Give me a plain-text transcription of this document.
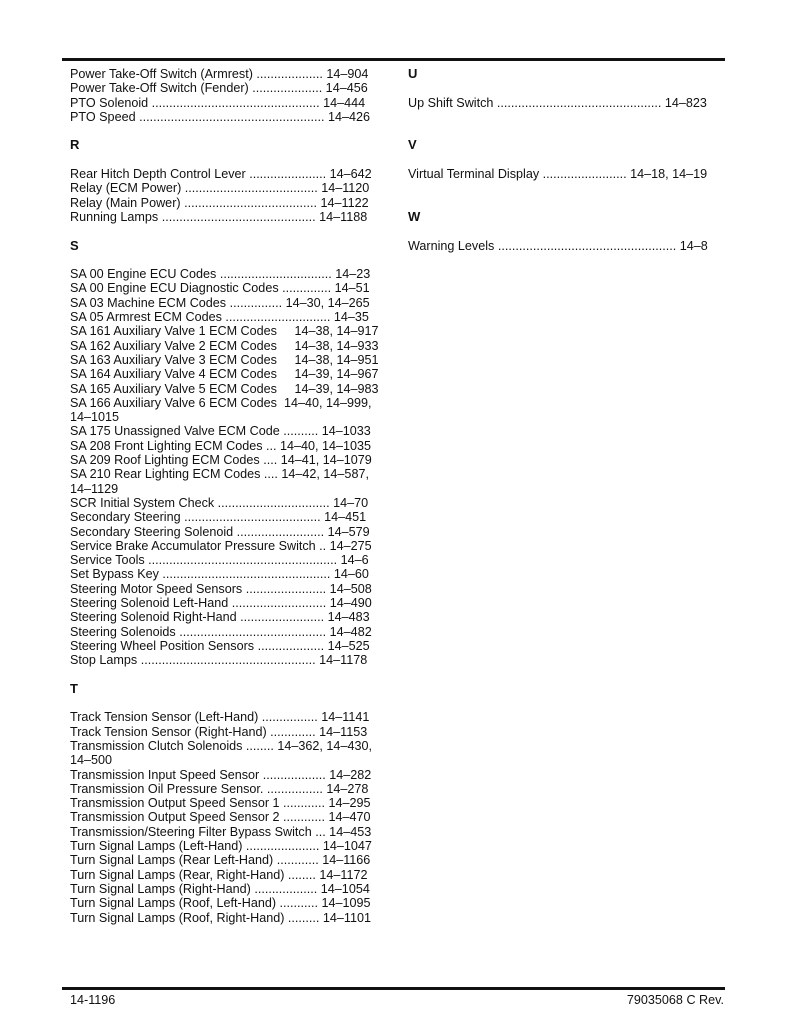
Power Take-Off Switch (Armrest) ................... 14–904
Power Take-Off Switch (Fender) .................... 14–456
PTO Solenoid ................................................ 14–444
PTO Speed ..................................................... 14–426

R

Rear Hitch Depth Control Lever ...................... 14–642
Relay (ECM Power) ...................................... 14–1120
Relay (Main Power) ...................................... 14–1122
Running Lamps ............................................ 14–1188

S

SA 00 Engine ECU Codes ................................ 14–23
SA 00 Engine ECU Diagnostic Codes .............. 14–51
SA 03 Machine ECM Codes ............... 14–30, 14–265
SA 05 Armrest ECM Codes .............................. 14–35
SA 161 Auxiliary Valve 1 ECM Codes     14–38, 14–917
SA 162 Auxiliary Valve 2 ECM Codes     14–38, 14–933
SA 163 Auxiliary Valve 3 ECM Codes     14–38, 14–951
SA 164 Auxiliary Valve 4 ECM Codes     14–39, 14–967
SA 165 Auxiliary Valve 5 ECM Codes     14–39, 14–983
SA 166 Auxiliary Valve 6 ECM Codes  14–40, 14–999,
14–1015
SA 175 Unassigned Valve ECM Code .......... 14–1033
SA 208 Front Lighting ECM Codes ... 14–40, 14–1035
SA 209 Roof Lighting ECM Codes .... 14–41, 14–1079
SA 210 Rear Lighting ECM Codes .... 14–42, 14–587,
14–1129
SCR Initial System Check ................................ 14–70
Secondary Steering ....................................... 14–451
Secondary Steering Solenoid ......................... 14–579
Service Brake Accumulator Pressure Switch .. 14–275
Service Tools ...................................................... 14–6
Set Bypass Key ................................................ 14–60
Steering Motor Speed Sensors ....................... 14–508
Steering Solenoid Left-Hand ........................... 14–490
Steering Solenoid Right-Hand ........................ 14–483
Steering Solenoids .......................................... 14–482
Steering Wheel Position Sensors ................... 14–525
Stop Lamps .................................................. 14–1178

T

Track Tension Sensor (Left-Hand) ................ 14–1141
Track Tension Sensor (Right-Hand) ............. 14–1153
Transmission Clutch Solenoids ........ 14–362, 14–430,
14–500
Transmission Input Speed Sensor .................. 14–282
Transmission Oil Pressure Sensor. ................ 14–278
Transmission Output Speed Sensor 1 ............ 14–295
Transmission Output Speed Sensor 2 ............ 14–470
Transmission/Steering Filter Bypass Switch ... 14–453
Turn Signal Lamps (Left-Hand) ..................... 14–1047
Turn Signal Lamps (Rear Left-Hand) ............ 14–1166
Turn Signal Lamps (Rear, Right-Hand) ........ 14–1172
Turn Signal Lamps (Right-Hand) .................. 14–1054
Turn Signal Lamps (Roof, Left-Hand) ........... 14–1095
Turn Signal Lamps (Roof, Right-Hand) ......... 14–1101
U

Up Shift Switch ............................................... 14–823

V

Virtual Terminal Display ........................ 14–18, 14–19

W

Warning Levels ................................................... 14–8
14-1196	79035068 C Rev.
